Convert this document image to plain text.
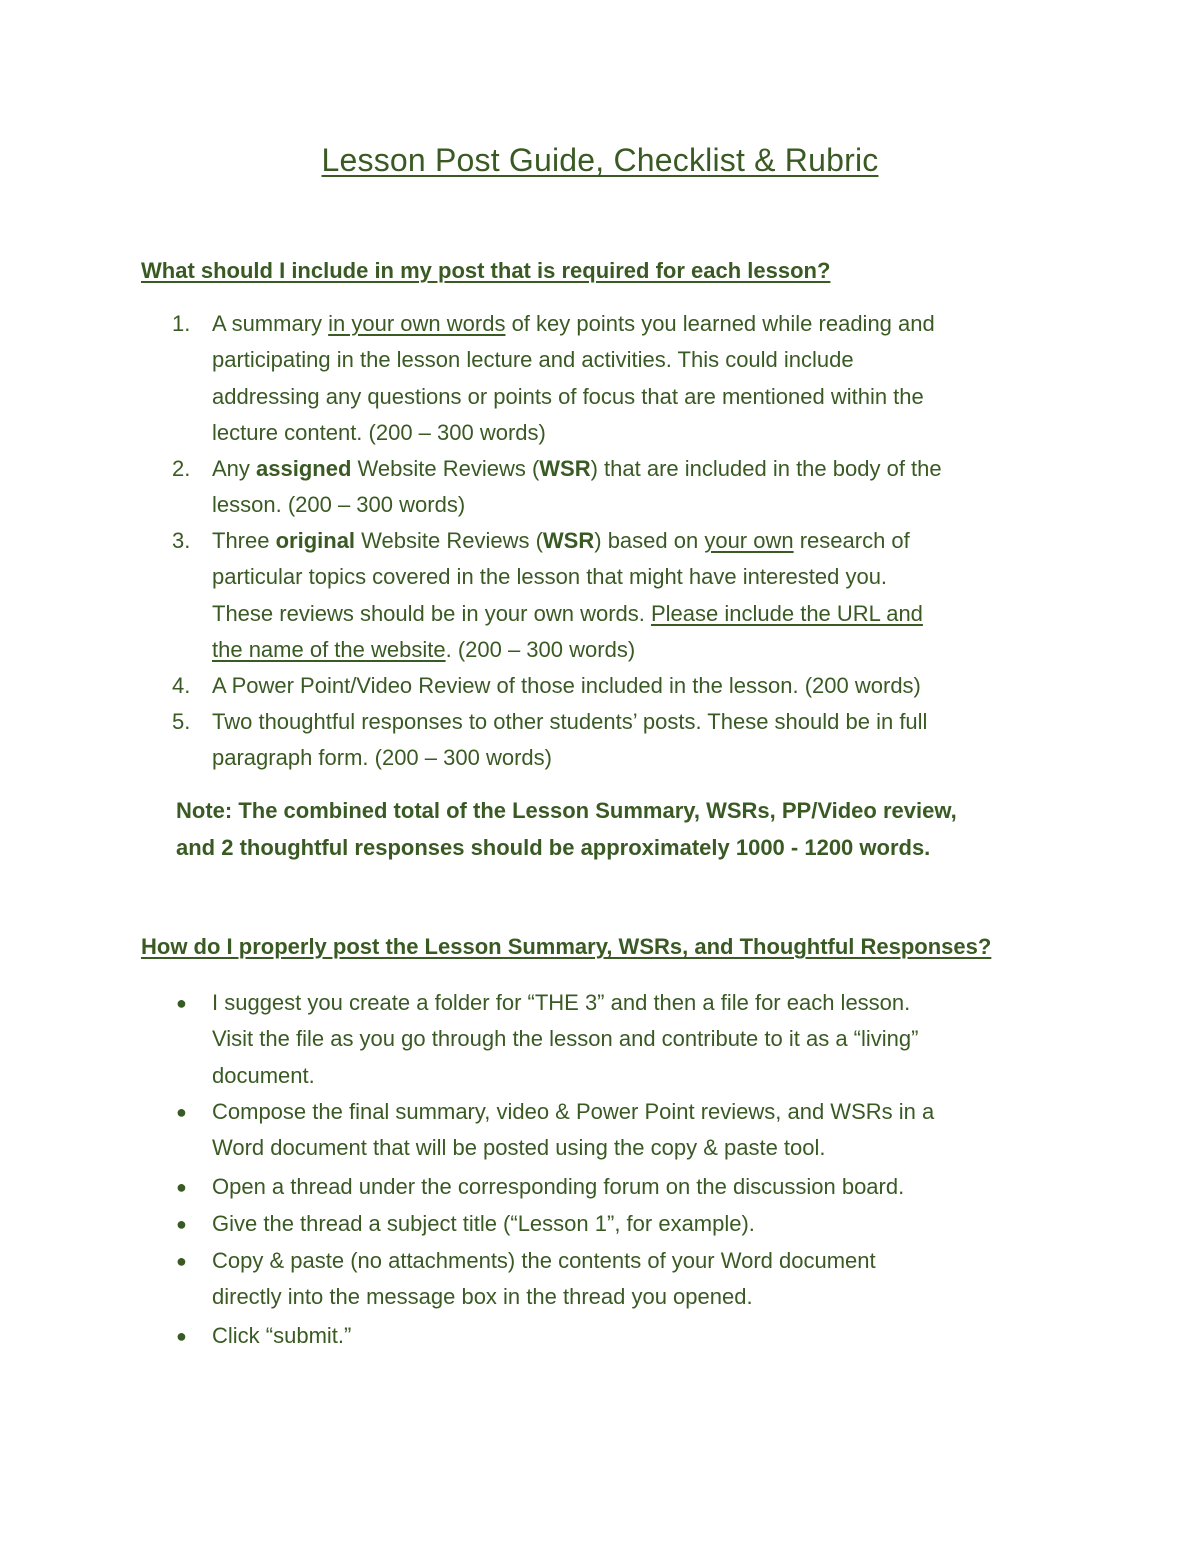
Lesson Post Guide, Checklist & Rubric
What should I include in my post that is required for each lesson?
1. A summary in your own words of key points you learned while reading and
participating in the lesson lecture and activities. This could include
addressing any questions or points of focus that are mentioned within the
lecture content. (200 – 300 words)
2. Any assigned Website Reviews (WSR) that are included in the body of the
lesson. (200 – 300 words)
3. Three original Website Reviews (WSR) based on your own research of
particular topics covered in the lesson that might have interested you.
These reviews should be in your own words. Please include the URL and
the name of the website. (200 – 300 words)
4. A Power Point/Video Review of those included in the lesson. (200 words)
5. Two thoughtful responses to other students’ posts. These should be in full
paragraph form. (200 – 300 words)
Note: The combined total of the Lesson Summary, WSRs, PP/Video review,
and 2 thoughtful responses should be approximately 1000 - 1200 words.
How do I properly post the Lesson Summary, WSRs, and Thoughtful Responses?
● I suggest you create a folder for “THE 3” and then a file for each lesson.
Visit the file as you go through the lesson and contribute to it as a “living”
document.
● Compose the final summary, video & Power Point reviews, and WSRs in a
Word document that will be posted using the copy & paste tool.
● Open a thread under the corresponding forum on the discussion board.
● Give the thread a subject title (“Lesson 1”, for example).
● Copy & paste (no attachments) the contents of your Word document
directly into the message box in the thread you opened.
● Click “submit.”
